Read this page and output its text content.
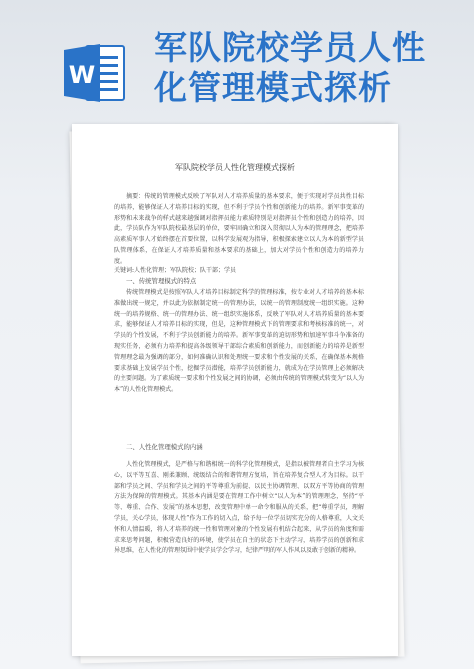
W
军队院校学员人性化管理模式探析
军队院校学员人性化管理模式探析

摘要：传统的管理模式反映了军队对人才培养质量的基本要求，便于实现对学员共性目标的培养，能够保证人才培养目标的实现，但不利于学员个性和创新能力的培养。新军事变革的形势和未来战争的样式越来越强调对指挥员能力素质特别是对指挥员个性和创造力的培养，因此，学员队作为军队院校最基层的单位，要牢固确立和深入贯彻以人为本的管理理念，把培养高素质军事人才始终摆在首要位置，以科学发展观为指导，积极探索建立以人为本的新型学员队管理体系，在保证人才培养质量和基本要求的基础上，加大对学员个性和创造力的培养力度。

关键词:人性化管理；军队院校；队干部；学员

一、传统管理模式的特点

传统管理模式是按照军队人才培养目标制定科学的管理标准，按专业对人才培养的基本标准做出统一规定，并以此为依据制定统一的管理办法，以统一的管理制度统一组织实施。这种统一的培养规格、统一的管理办法、统一组织实施体系，反映了军队对人才培养质量的基本要求，能够保证人才培养目标的实现，但是，这种管理模式下的管理要求和考核标准的统一，对学员的个性发展，不利于学员创新能力的培养。新军事变革的迫切形势和加速军事斗争准备的现实任务，必须有力培养和提高各级领导干部综合素质和创新能力，而创新能力的培养是新型管理理念最为强调的部分，如何准确认识和处理统一要求和个性发展的关系，在确保基本规格要求基础上发展学员个性，挖掘学员潜能，培养学员创新能力，就成为在学员管理上必须解决的主要问题。为了素质统一要求和个性发展之间的协调，必须由传统的管理模式转变为“以人为本”的人性化管理模式。

二、人性化管理模式的内涵

人性化管理模式，是严格与和谐相统一的科学化管理模式，是指以被管理者自主学习为核心，以平等互喜、刚柔兼顾、统级结合的和谐管理方复培，旨在培养复合型人才为目标。以干部和学员之间、学员和学员之间的平等尊重为前提、以民主协调管理、以双方平等协商的管理方法为保障的管理模式。其基本内涵是要在管理工作中树立“以人为本”的管理理念，坚持“平等、尊重、合作、发展”的基本思想，改变管理中单一命令和服从的关系，把“尊重学员，理解学员，关心学员，体现人性”作为工作的切入点，给予每一位学员切实充分的人格尊重，人文关怀和人情温暖，将人才培养的统一性和管理对象的个性发展有机结合起来，从学员的角度和需求来思考问题，积极营造良好的环境，使学员在自主的状态下主动学习，培养学员的创新和求异思维，在人性化的管理氛围中使学员学会学习，纪律严明的军人作风以及敢于创新的精神。
